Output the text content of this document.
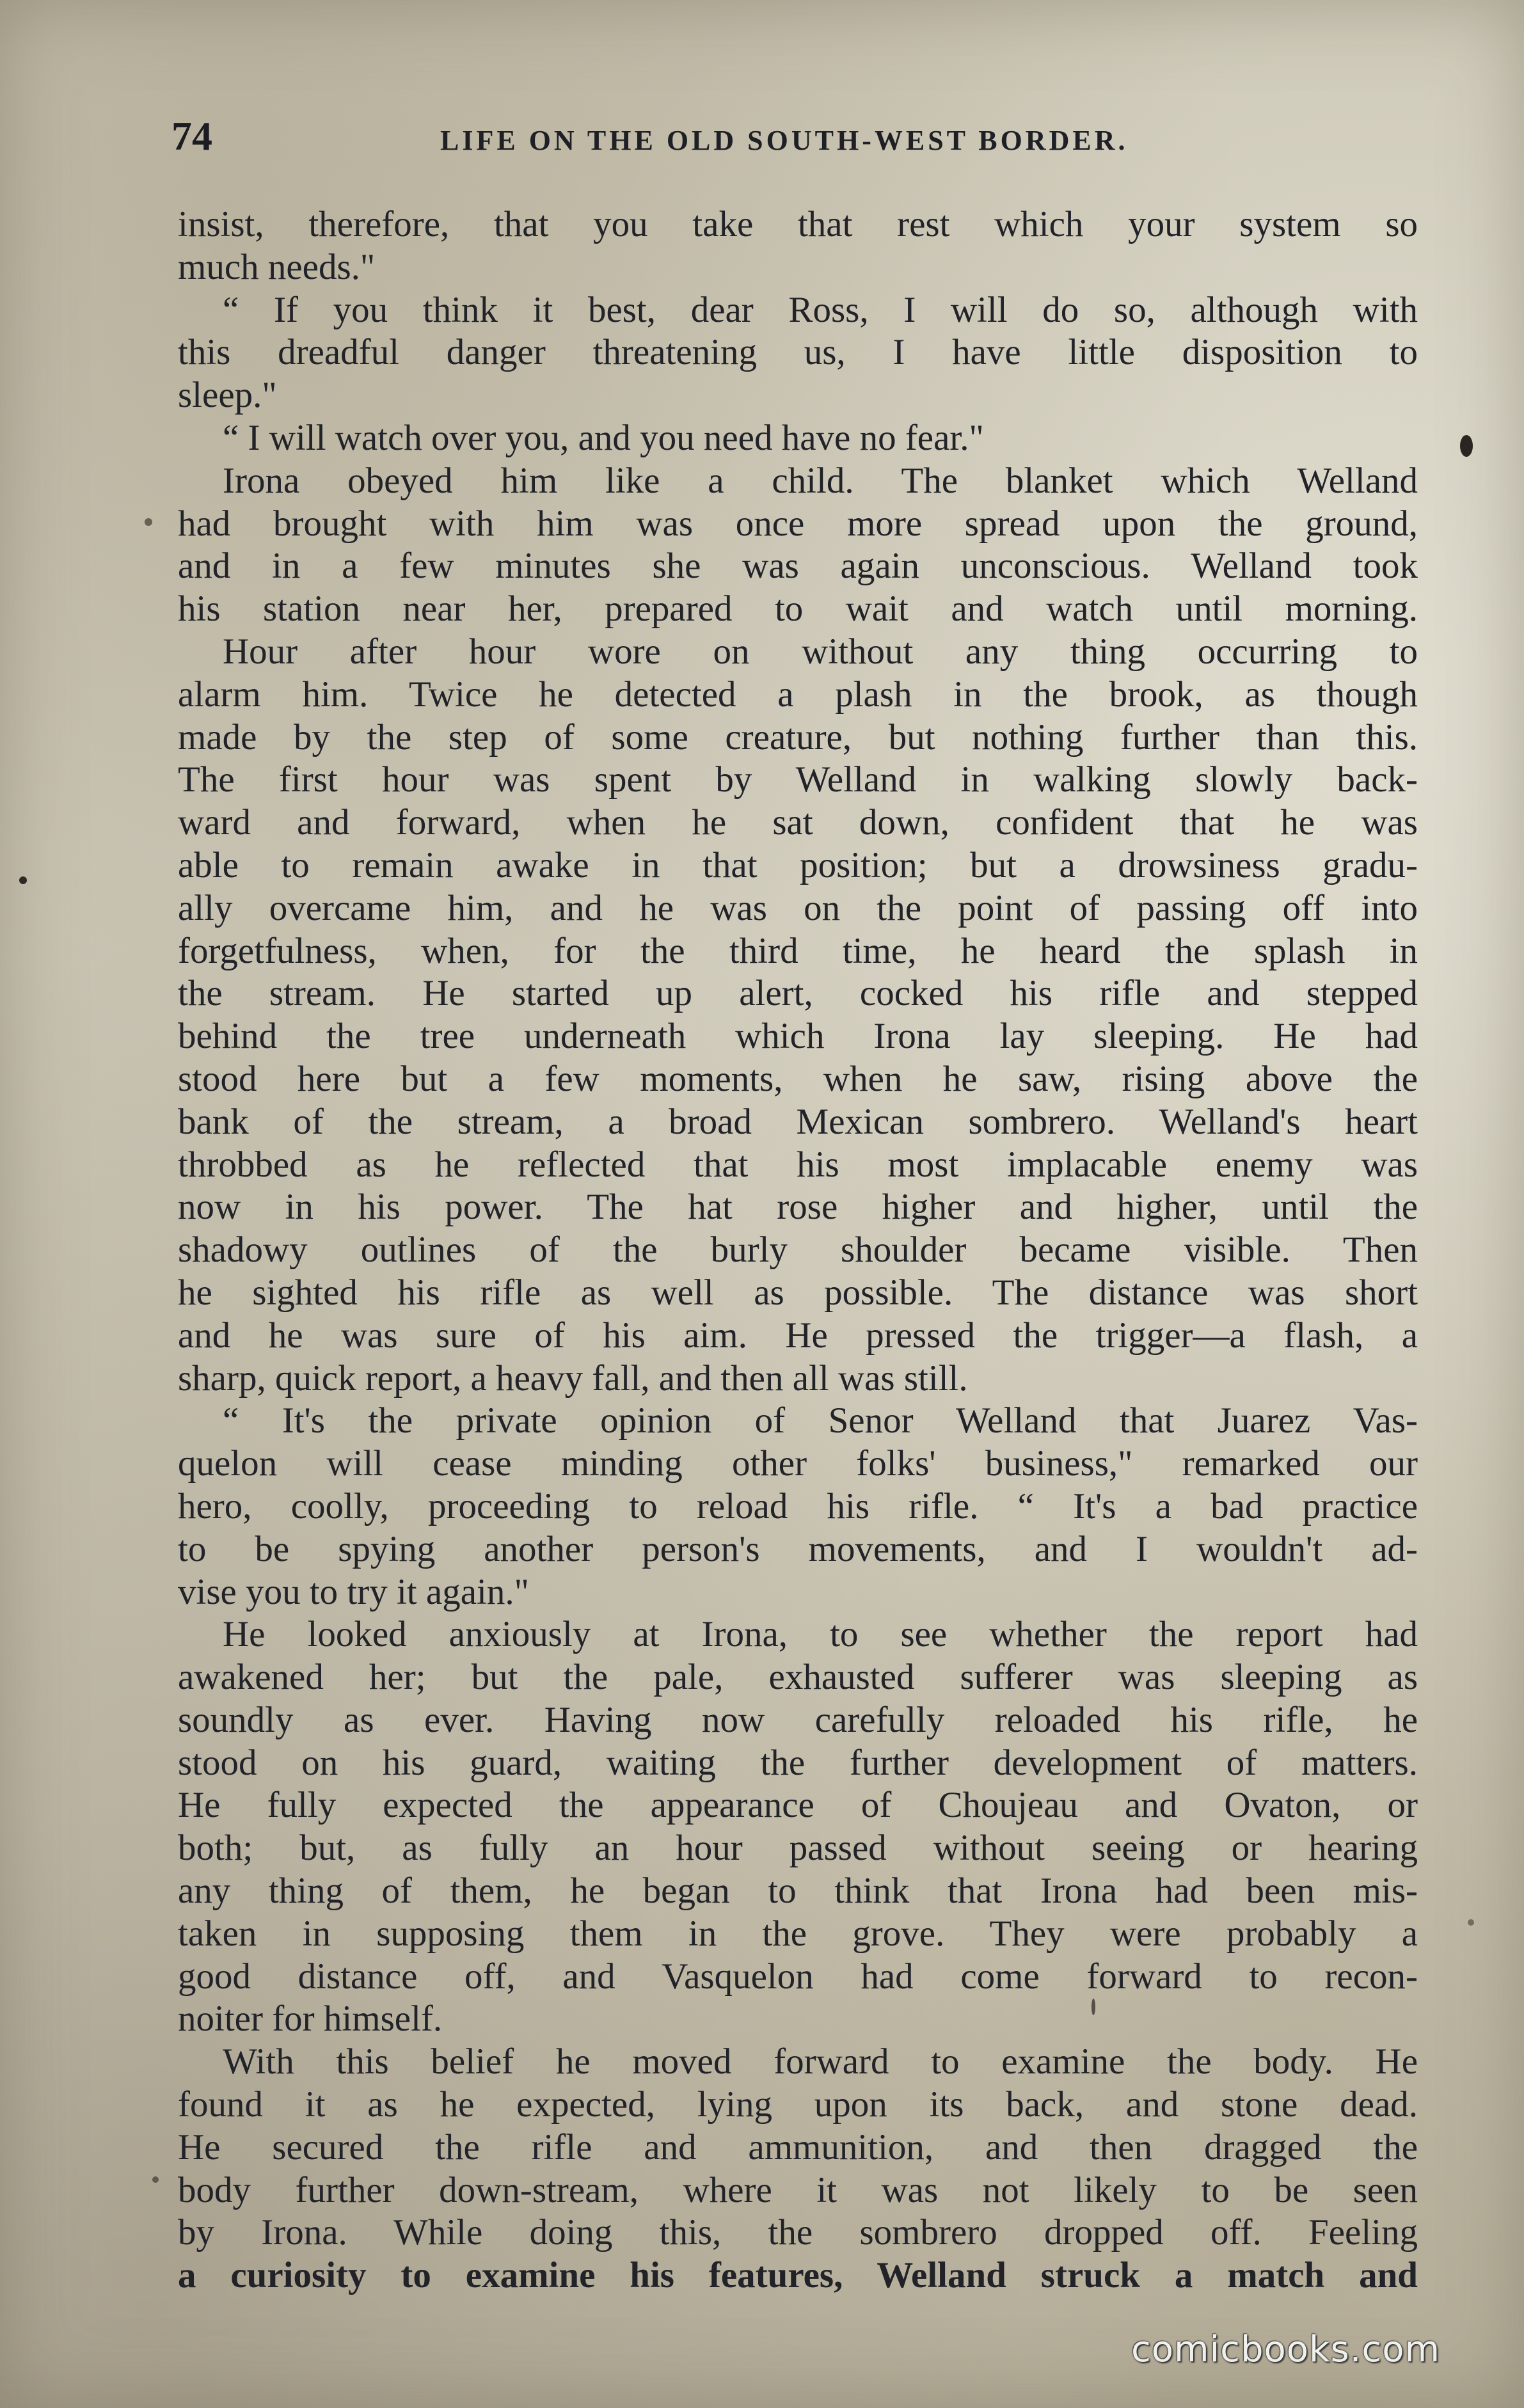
74	LIFE ON THE OLD SOUTH-WEST BORDER.
insist, therefore, that you take that rest which your system so
much needs."
“ If you think it best, dear Ross, I will do so, although with
this dreadful danger threatening us, I have little disposition to
sleep."
“ I will watch over you, and you need have no fear."
Irona obeyed him like a child. The blanket which Welland
had brought with him was once more spread upon the ground,
and in a few minutes she was again unconscious. Welland took
his station near her, prepared to wait and watch until morning.
Hour after hour wore on without any thing occurring to
alarm him. Twice he detected a plash in the brook, as though
made by the step of some creature, but nothing further than this.
The first hour was spent by Welland in walking slowly back-
ward and forward, when he sat down, confident that he was
able to remain awake in that position; but a drowsiness gradu-
ally overcame him, and he was on the point of passing off into
forgetfulness, when, for the third time, he heard the splash in
the stream. He started up alert, cocked his rifle and stepped
behind the tree underneath which Irona lay sleeping. He had
stood here but a few moments, when he saw, rising above the
bank of the stream, a broad Mexican sombrero. Welland's heart
throbbed as he reflected that his most implacable enemy was
now in his power. The hat rose higher and higher, until the
shadowy outlines of the burly shoulder became visible. Then
he sighted his rifle as well as possible. The distance was short
and he was sure of his aim. He pressed the trigger—a flash, a
sharp, quick report, a heavy fall, and then all was still.
“ It's the private opinion of Senor Welland that Juarez Vas-
quelon will cease minding other folks' business," remarked our
hero, coolly, proceeding to reload his rifle. “ It's a bad practice
to be spying another person's movements, and I wouldn't ad-
vise you to try it again."
He looked anxiously at Irona, to see whether the report had
awakened her; but the pale, exhausted sufferer was sleeping as
soundly as ever. Having now carefully reloaded his rifle, he
stood on his guard, waiting the further development of matters.
He fully expected the appearance of Choujeau and Ovaton, or
both; but, as fully an hour passed without seeing or hearing
any thing of them, he began to think that Irona had been mis-
taken in supposing them in the grove. They were probably a
good distance off, and Vasquelon had come forward to recon-
noiter for himself.
With this belief he moved forward to examine the body. He
found it as he expected, lying upon its back, and stone dead.
He secured the rifle and ammunition, and then dragged the
body further down-stream, where it was not likely to be seen
by Irona. While doing this, the sombrero dropped off. Feeling
a curiosity to examine his features, Welland struck a match and
comicbooks.com
